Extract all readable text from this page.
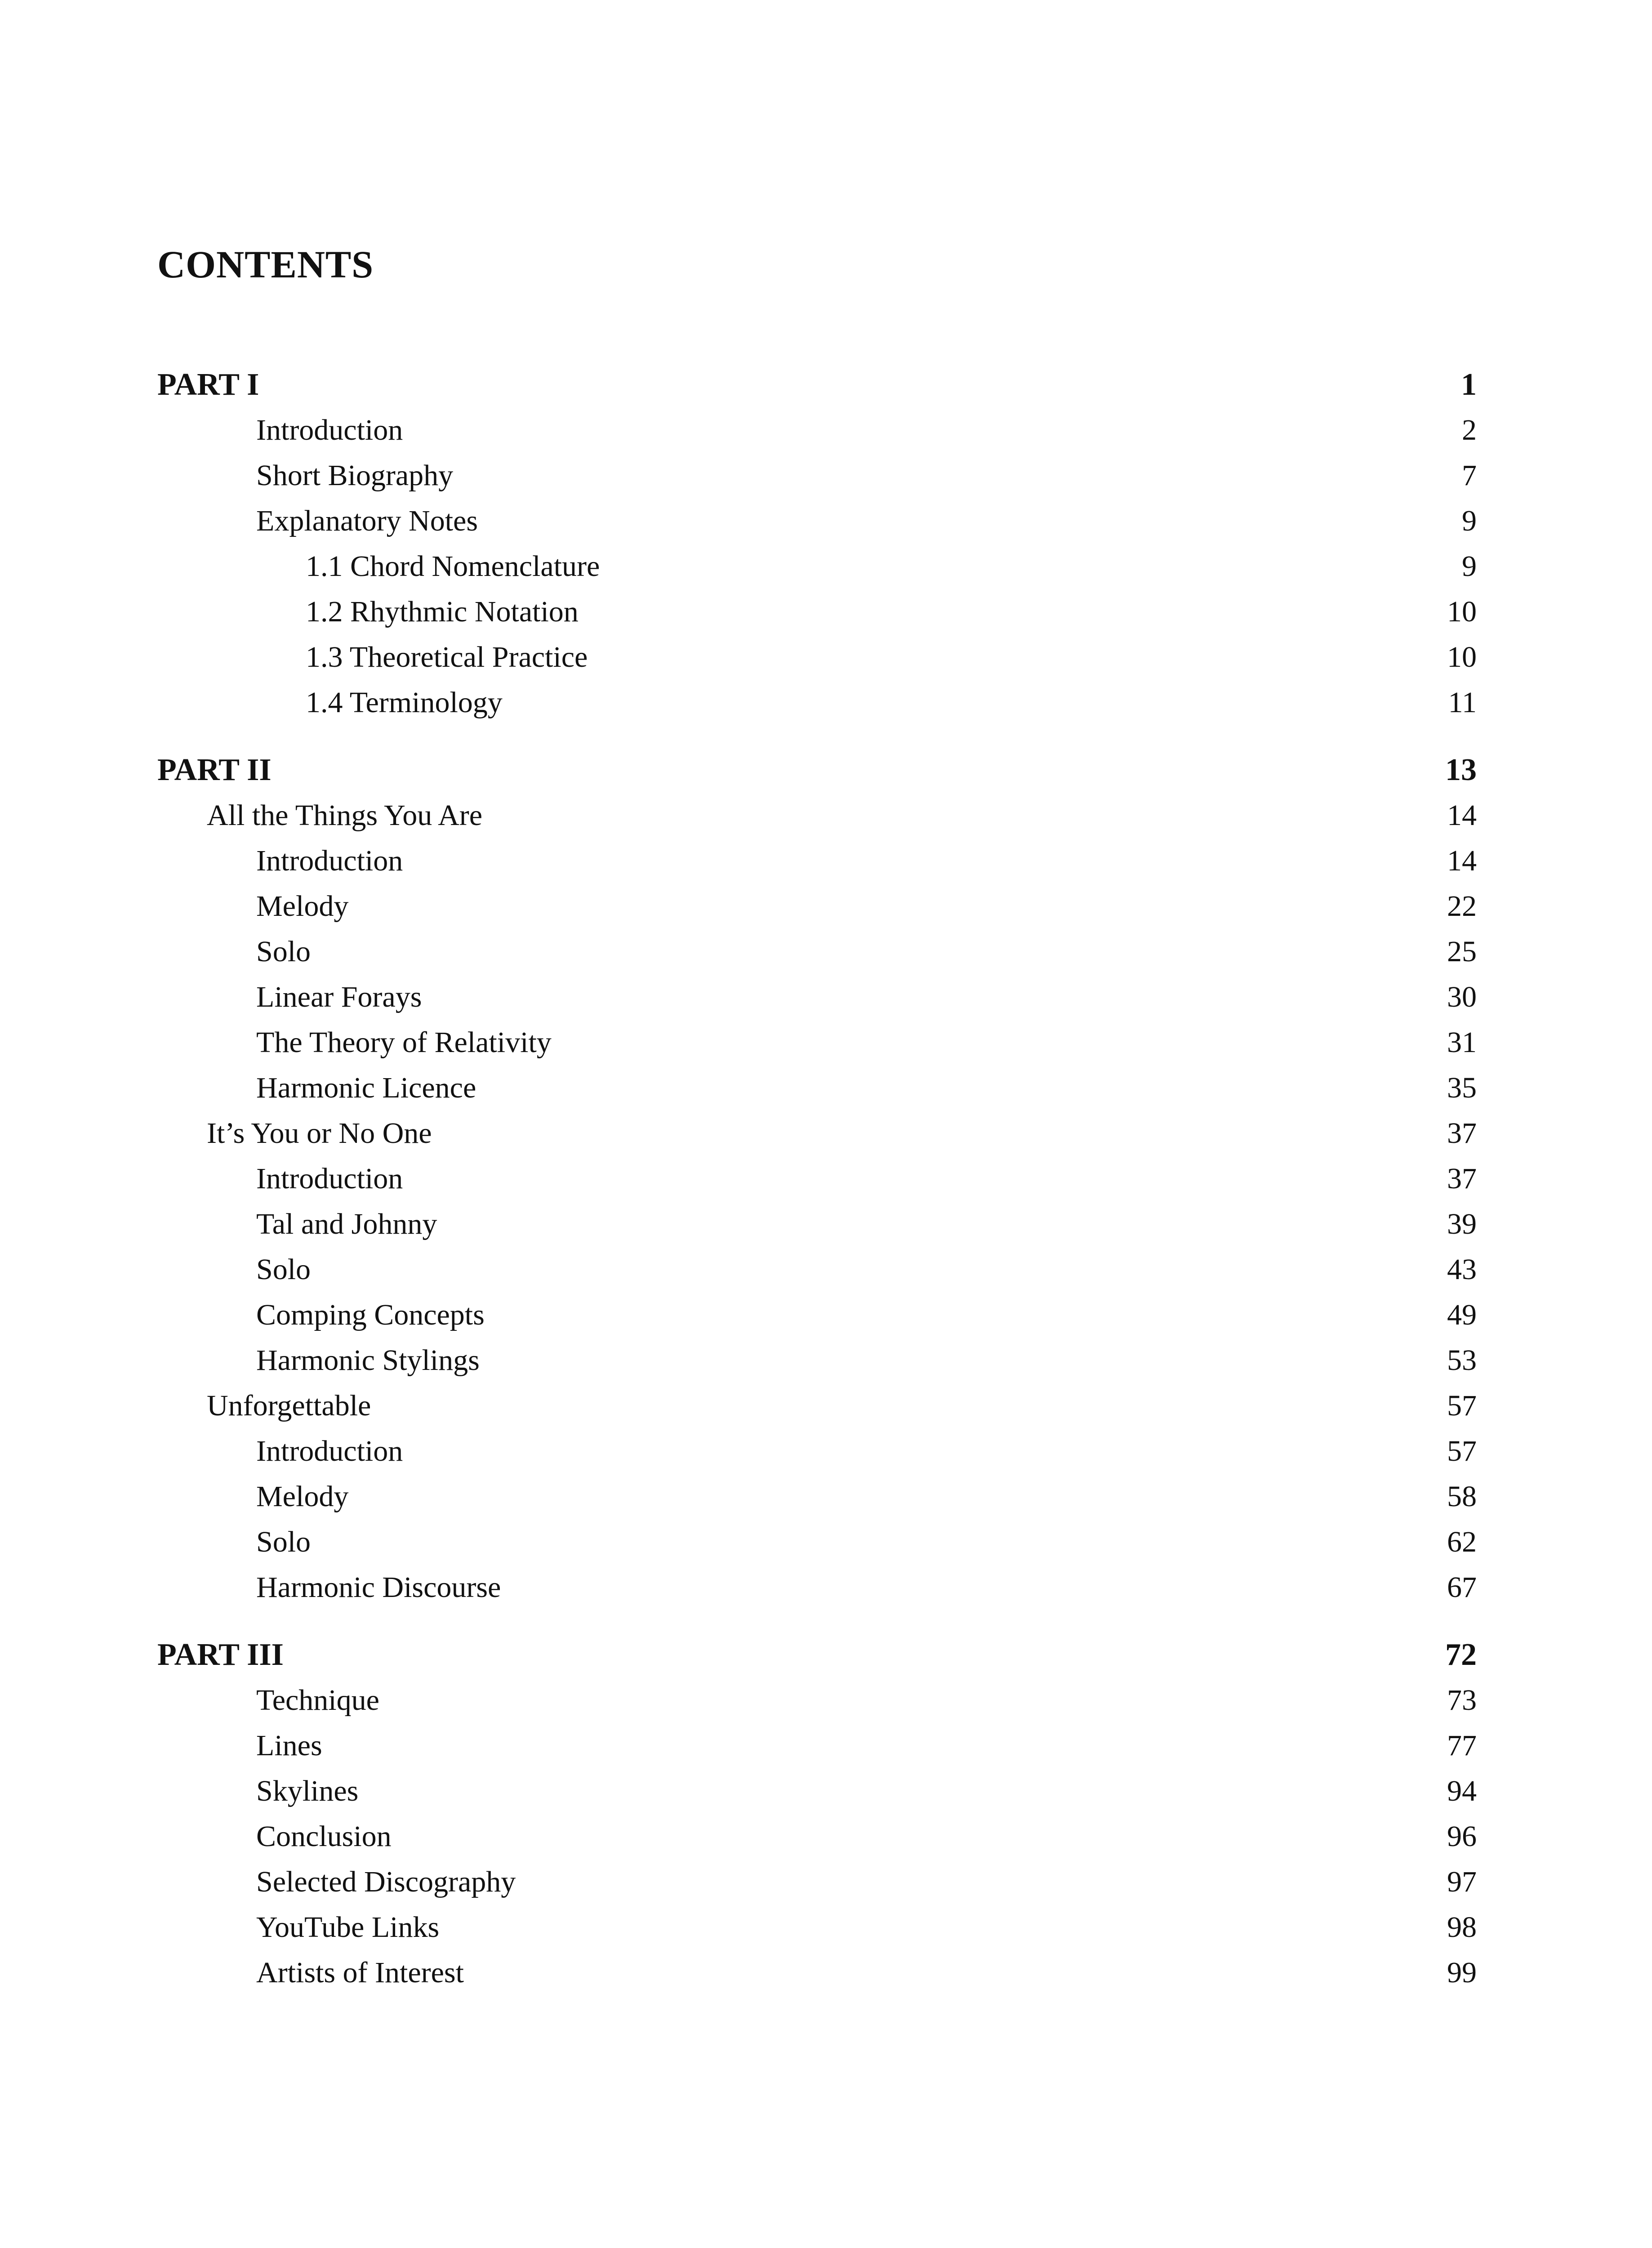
CONTENTS
PART I	1
Introduction	2
Short Biography	7
Explanatory Notes	9
1.1 Chord Nomenclature	9
1.2 Rhythmic Notation	10
1.3 Theoretical Practice	10
1.4 Terminology	11
PART II	13
All the Things You Are	14
Introduction	14
Melody	22
Solo	25
Linear Forays	30
The Theory of Relativity	31
Harmonic Licence	35
It’s You or No One	37
Introduction	37
Tal and Johnny	39
Solo	43
Comping Concepts	49
Harmonic Stylings	53
Unforgettable	57
Introduction	57
Melody	58
Solo	62
Harmonic Discourse	67
PART III	72
Technique	73
Lines	77
Skylines	94
Conclusion	96
Selected Discography	97
YouTube Links	98
Artists of Interest	99
